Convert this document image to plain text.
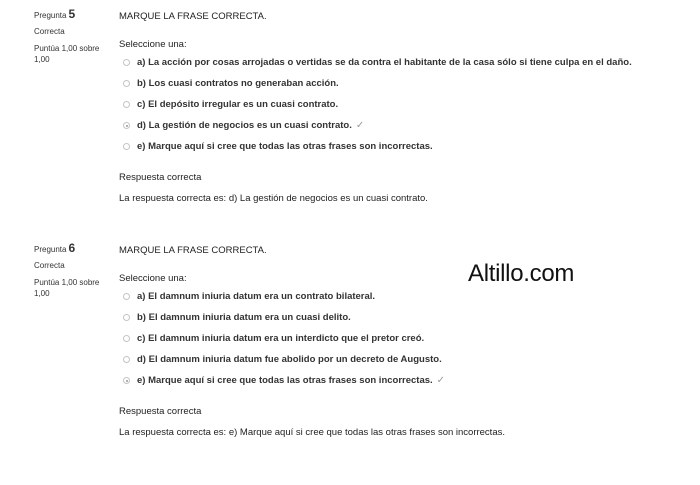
Pregunta 5
Correcta
Puntúa 1,00 sobre 1,00
MARQUE LA FRASE CORRECTA.
Seleccione una:
a) La acción por cosas arrojadas o vertidas se da contra el habitante de la casa sólo si tiene culpa en el daño.
b) Los cuasi contratos no generaban acción.
c) El depósito irregular es un cuasi contrato.
d) La gestión de negocios es un cuasi contrato. ✓
e) Marque aquí si cree que todas las otras frases son incorrectas.
Respuesta correcta
La respuesta correcta es: d) La gestión de negocios es un cuasi contrato.
Pregunta 6
Correcta
Puntúa 1,00 sobre 1,00
MARQUE LA FRASE CORRECTA.
Seleccione una:
a) El damnum iniuria datum era un contrato bilateral.
b) El damnum iniuria datum era un cuasi delito.
c) El damnum iniuria datum era un interdicto que el pretor creó.
d) El damnum iniuria datum fue abolido por un decreto de Augusto.
e) Marque aquí si cree que todas las otras frases son incorrectas. ✓
Respuesta correcta
La respuesta correcta es: e) Marque aquí si cree que todas las otras frases son incorrectas.
Altillo.com
